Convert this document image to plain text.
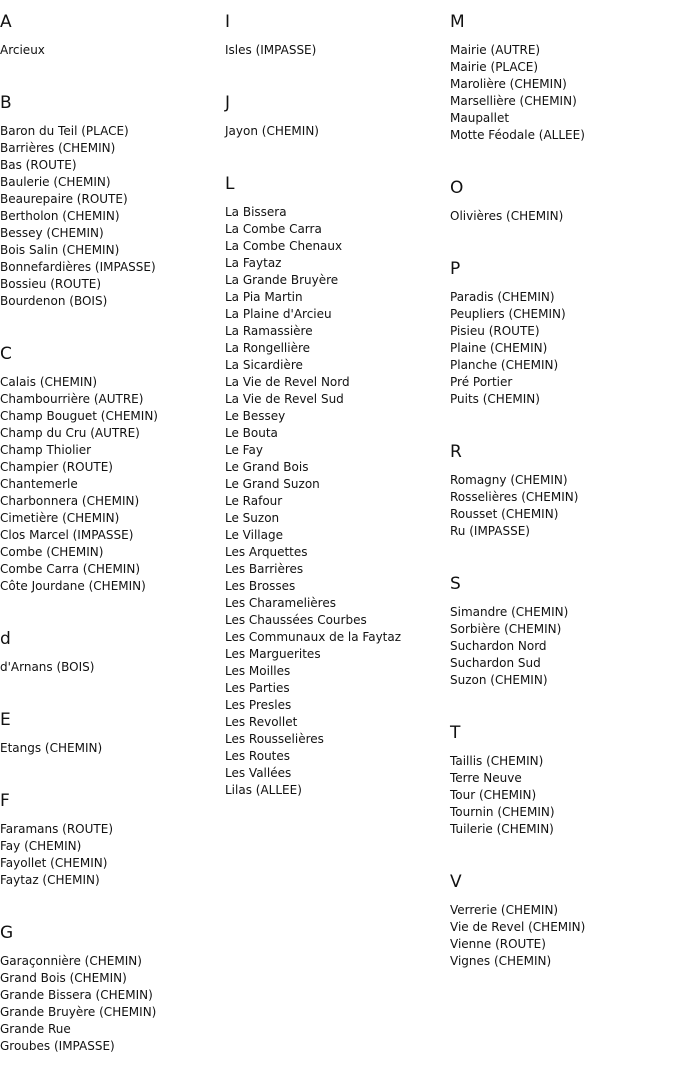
A
Arcieux
B
Baron du Teil (PLACE)
Barrières (CHEMIN)
Bas (ROUTE)
Baulerie (CHEMIN)
Beaurepaire (ROUTE)
Bertholon (CHEMIN)
Bessey (CHEMIN)
Bois Salin (CHEMIN)
Bonnefardières (IMPASSE)
Bossieu (ROUTE)
Bourdenon (BOIS)
C
Calais (CHEMIN)
Chambourrière (AUTRE)
Champ Bouguet (CHEMIN)
Champ du Cru (AUTRE)
Champ Thiolier
Champier (ROUTE)
Chantemerle
Charbonnera (CHEMIN)
Cimetière (CHEMIN)
Clos Marcel (IMPASSE)
Combe (CHEMIN)
Combe Carra (CHEMIN)
Côte Jourdane (CHEMIN)
d
d'Arnans (BOIS)
E
Etangs (CHEMIN)
F
Faramans (ROUTE)
Fay (CHEMIN)
Fayollet (CHEMIN)
Faytaz (CHEMIN)
G
Garaçonnière (CHEMIN)
Grand Bois (CHEMIN)
Grande Bissera (CHEMIN)
Grande Bruyère (CHEMIN)
Grande Rue
Groubes (IMPASSE)
I
Isles (IMPASSE)
J
Jayon (CHEMIN)
L
La Bissera
La Combe Carra
La Combe Chenaux
La Faytaz
La Grande Bruyère
La Pia Martin
La Plaine d'Arcieu
La Ramassière
La Rongellière
La Sicardière
La Vie de Revel Nord
La Vie de Revel Sud
Le Bessey
Le Bouta
Le Fay
Le Grand Bois
Le Grand Suzon
Le Rafour
Le Suzon
Le Village
Les Arquettes
Les Barrières
Les Brosses
Les Charamelières
Les Chaussées Courbes
Les Communaux de la Faytaz
Les Marguerites
Les Moilles
Les Parties
Les Presles
Les Revollet
Les Rousselières
Les Routes
Les Vallées
Lilas (ALLEE)
M
Mairie (AUTRE)
Mairie (PLACE)
Marolière (CHEMIN)
Marsellière (CHEMIN)
Maupallet
Motte Féodale (ALLEE)
O
Olivières (CHEMIN)
P
Paradis (CHEMIN)
Peupliers (CHEMIN)
Pisieu (ROUTE)
Plaine (CHEMIN)
Planche (CHEMIN)
Pré Portier
Puits (CHEMIN)
R
Romagny (CHEMIN)
Rosselières (CHEMIN)
Rousset (CHEMIN)
Ru (IMPASSE)
S
Simandre (CHEMIN)
Sorbière (CHEMIN)
Suchardon Nord
Suchardon Sud
Suzon (CHEMIN)
T
Taillis (CHEMIN)
Terre Neuve
Tour (CHEMIN)
Tournin (CHEMIN)
Tuilerie (CHEMIN)
V
Verrerie (CHEMIN)
Vie de Revel (CHEMIN)
Vienne (ROUTE)
Vignes (CHEMIN)
